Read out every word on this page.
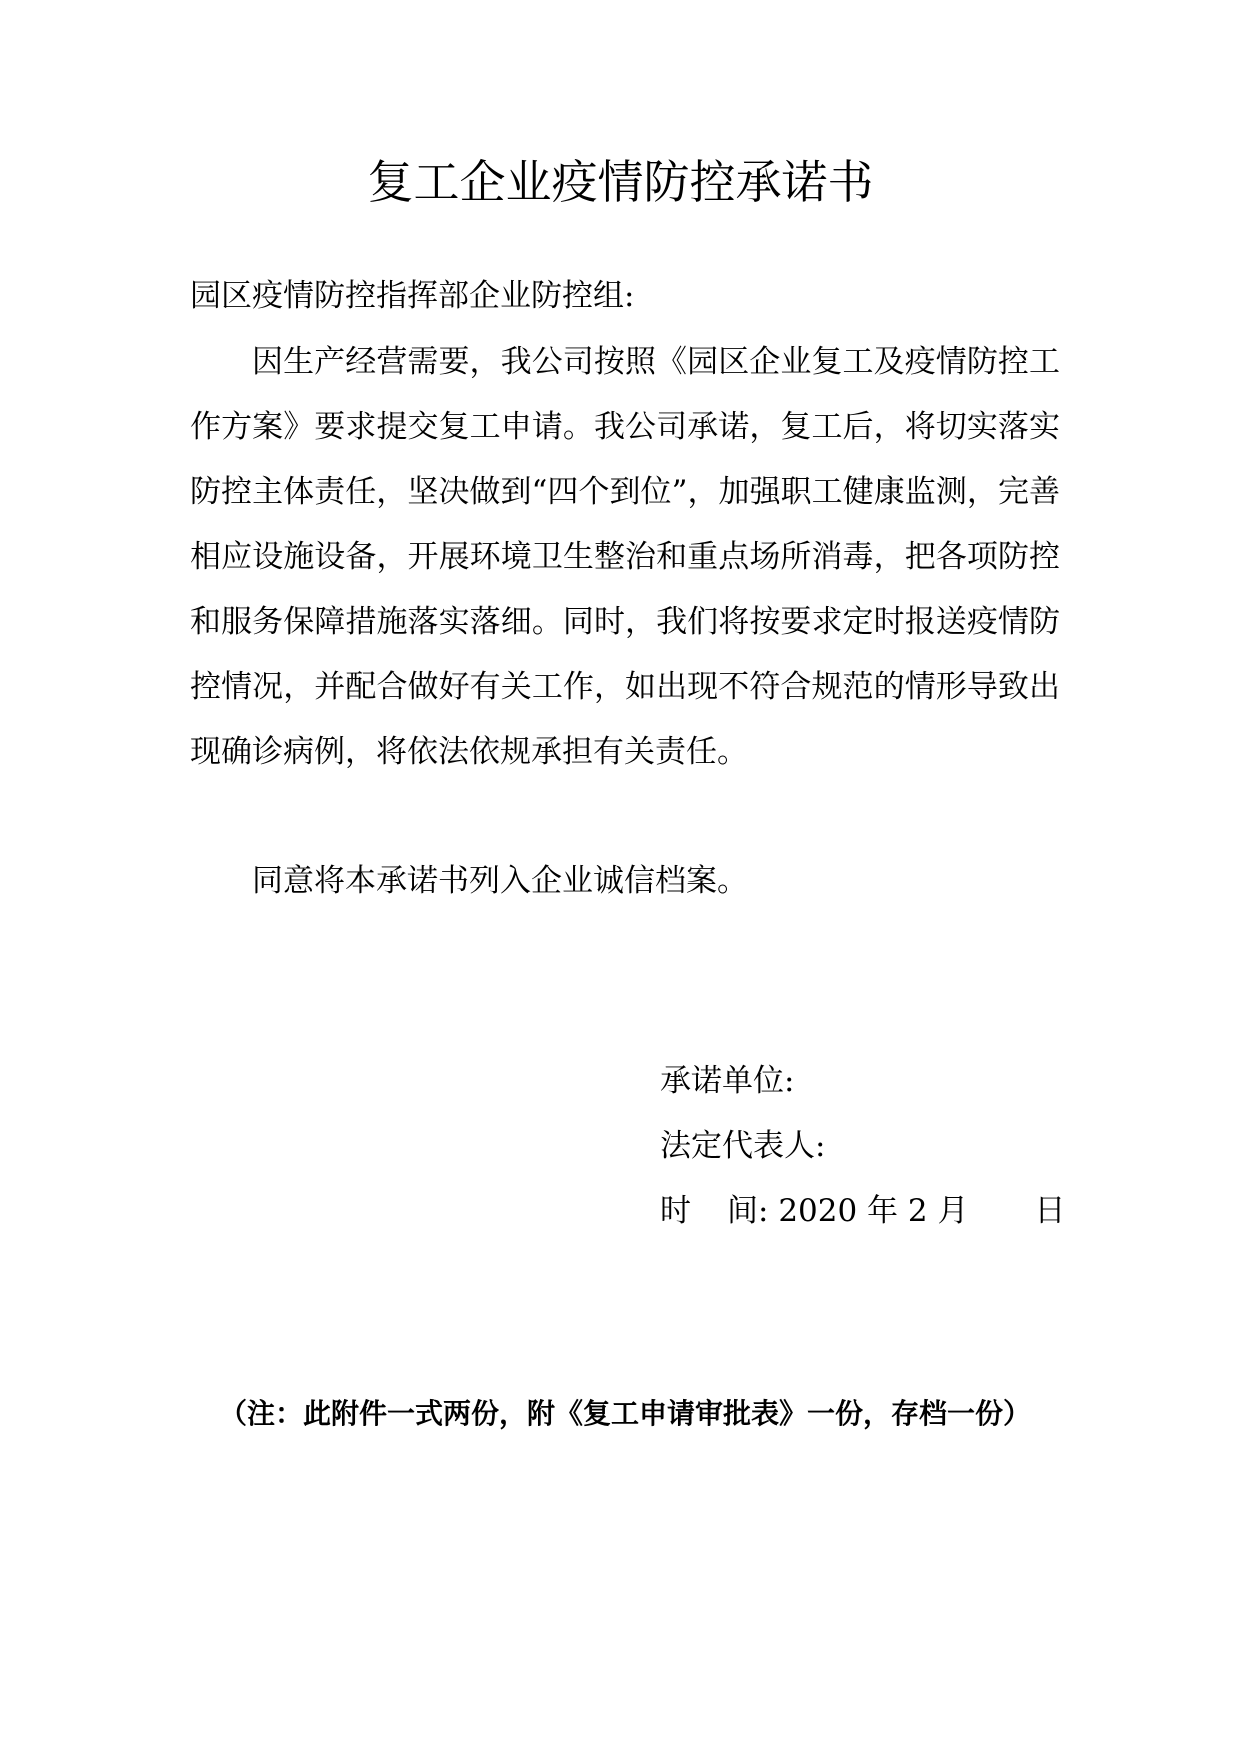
复工企业疫情防控承诺书
园区疫情防控指挥部企业防控组:

因生产经营需要，我公司按照《园区企业复工及疫情防控工作方案》要求提交复工申请。我公司承诺，复工后，将切实落实防控主体责任，坚决做到“四个到位”，加强职工健康监测，完善相应设施设备，开展环境卫生整治和重点场所消毒，把各项防控和服务保障措施落实落细。同时，我们将按要求定时报送疫情防控情况，并配合做好有关工作，如出现不符合规范的情形导致出现确诊病例，将依法依规承担有关责任。

同意将本承诺书列入企业诚信档案。

承诺单位:
法定代表人:
时 间: 2020 年 2 月 日
（注：此附件一式两份，附《复工申请审批表》一份，存档一份）
